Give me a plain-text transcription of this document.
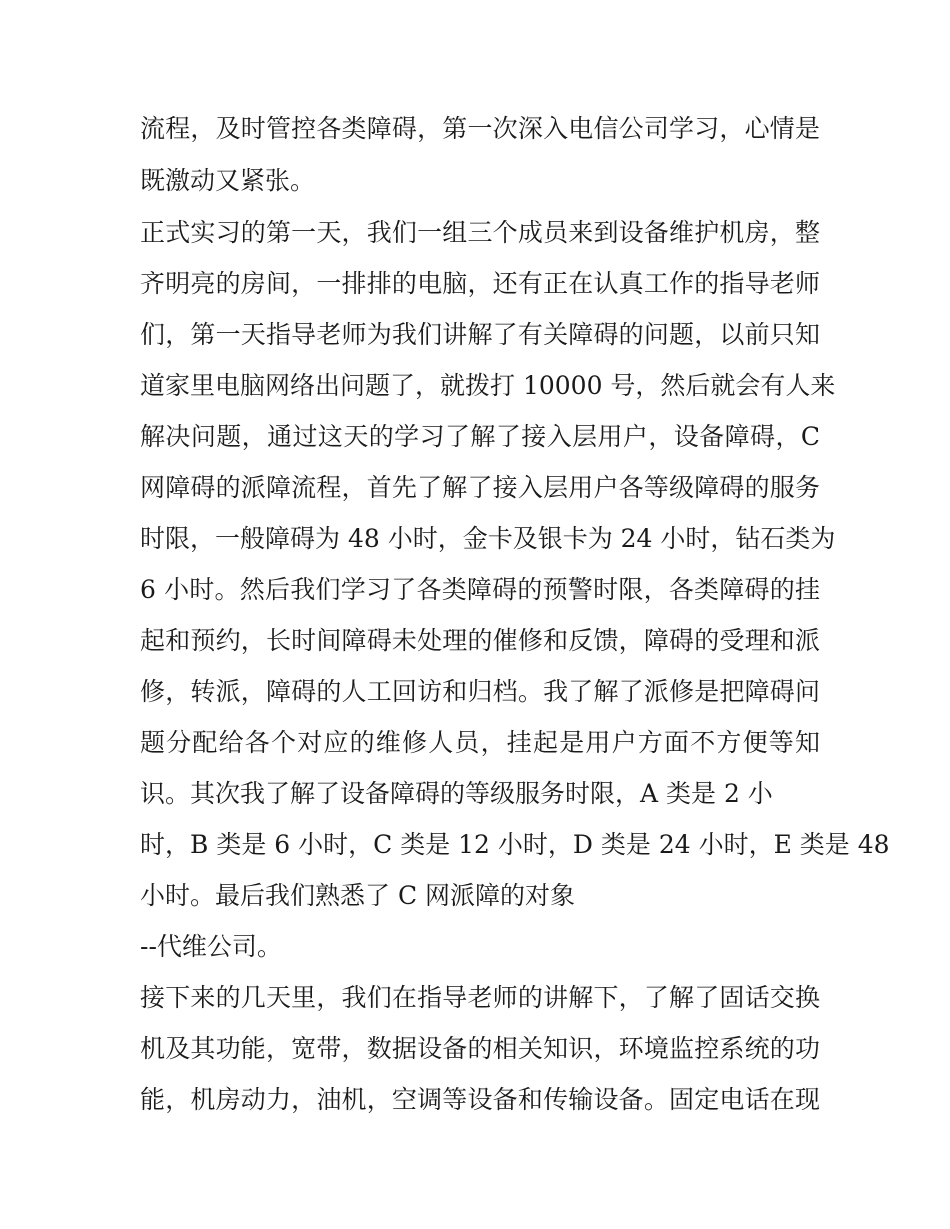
流程，及时管控各类障碍，第一次深入电信公司学习，心情是
既激动又紧张。
正式实习的第一天，我们一组三个成员来到设备维护机房，整
齐明亮的房间，一排排的电脑，还有正在认真工作的指导老师
们，第一天指导老师为我们讲解了有关障碍的问题，以前只知
道家里电脑网络出问题了，就拨打 10000 号，然后就会有人来
解决问题，通过这天的学习了解了接入层用户，设备障碍，C
网障碍的派障流程，首先了解了接入层用户各等级障碍的服务
时限，一般障碍为 48 小时，金卡及银卡为 24 小时，钻石类为
6 小时。然后我们学习了各类障碍的预警时限，各类障碍的挂
起和预约，长时间障碍未处理的催修和反馈，障碍的受理和派
修，转派，障碍的人工回访和归档。我了解了派修是把障碍问
题分配给各个对应的维修人员，挂起是用户方面不方便等知
识。其次我了解了设备障碍的等级服务时限，A 类是 2 小
时，B 类是 6 小时，C 类是 12 小时，D 类是 24 小时，E 类是 48
小时。最后我们熟悉了 C 网派障的对象
--代维公司。
接下来的几天里，我们在指导老师的讲解下，了解了固话交换
机及其功能，宽带，数据设备的相关知识，环境监控系统的功
能，机房动力，油机，空调等设备和传输设备。固定电话在现
